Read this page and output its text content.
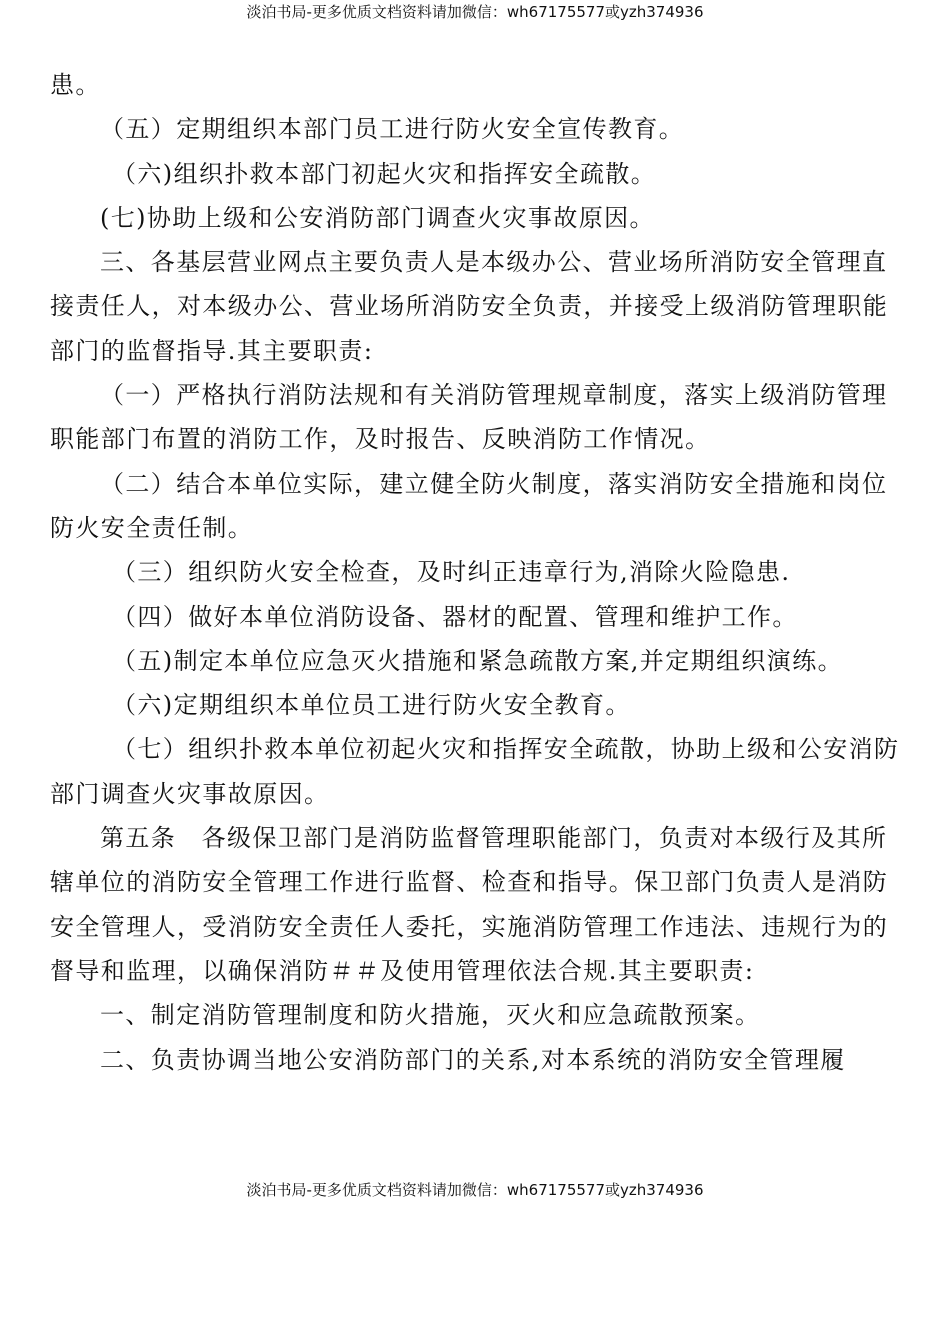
淡泊书局-更多优质文档资料请加微信：wh67175577或yzh374936

患。

（五）定期组织本部门员工进行防火安全宣传教育。

（六)组织扑救本部门初起火灾和指挥安全疏散。

(七)协助上级和公安消防部门调查火灾事故原因。

三、各基层营业网点主要负责人是本级办公、营业场所消防安全管理直接责任人，对本级办公、营业场所消防安全负责，并接受上级消防管理职能部门的监督指导.其主要职责:

（一）严格执行消防法规和有关消防管理规章制度，落实上级消防管理职能部门布置的消防工作，及时报告、反映消防工作情况。

（二）结合本单位实际，建立健全防火制度，落实消防安全措施和岗位防火安全责任制。

（三）组织防火安全检查，及时纠正违章行为,消除火险隐患.

（四）做好本单位消防设备、器材的配置、管理和维护工作。

（五)制定本单位应急灭火措施和紧急疏散方案,并定期组织演练。

（六)定期组织本单位员工进行防火安全教育。

（七）组织扑救本单位初起火灾和指挥安全疏散，协助上级和公安消防部门调查火灾事故原因。

第五条　各级保卫部门是消防监督管理职能部门，负责对本级行及其所辖单位的消防安全管理工作进行监督、检查和指导。保卫部门负责人是消防安全管理人，受消防安全责任人委托，实施消防管理工作违法、违规行为的督导和监理，以确保消防＃＃及使用管理依法合规.其主要职责:

一、制定消防管理制度和防火措施，灭火和应急疏散预案。

二、负责协调当地公安消防部门的关系,对本系统的消防安全管理履

淡泊书局-更多优质文档资料请加微信：wh67175577或yzh374936
